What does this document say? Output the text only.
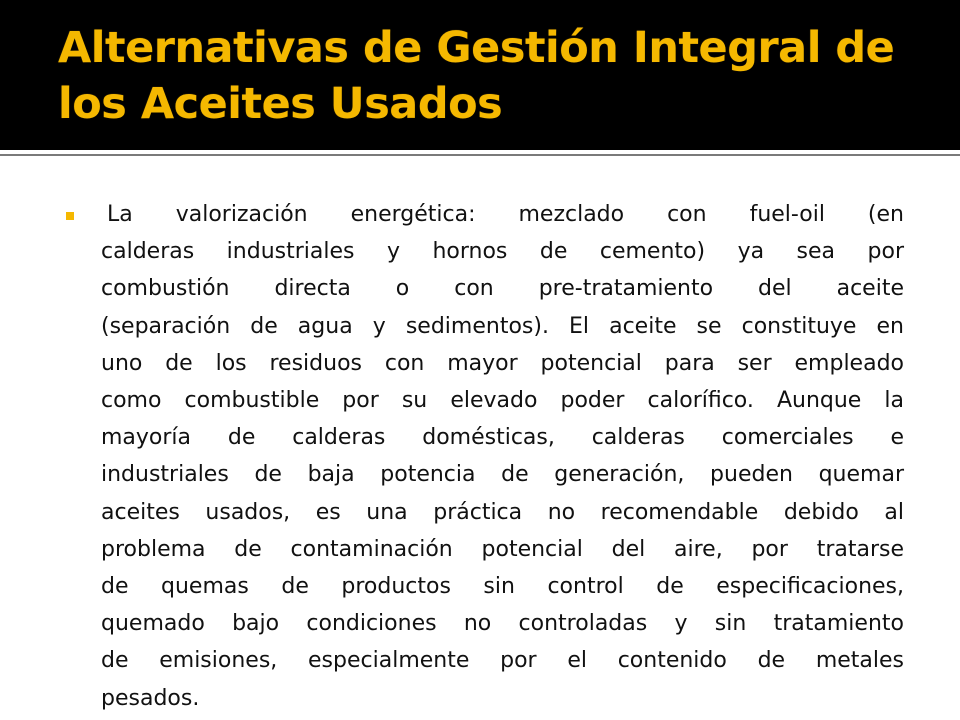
Alternativas de Gestión Integral de
los Aceites Usados

La valorización energética: mezclado con fuel-oil (en
calderas industriales y hornos de cemento) ya sea por
combustión directa o con pre-tratamiento del aceite
(separación de agua y sedimentos). El aceite se constituye en
uno de los residuos con mayor potencial para ser empleado
como combustible por su elevado poder calorífico. Aunque la
mayoría de calderas domésticas, calderas comerciales e
industriales de baja potencia de generación, pueden quemar
aceites usados, es una práctica no recomendable debido al
problema de contaminación potencial del aire, por tratarse
de quemas de productos sin control de especificaciones,
quemado bajo condiciones no controladas y sin tratamiento
de emisiones, especialmente por el contenido de metales
pesados.
